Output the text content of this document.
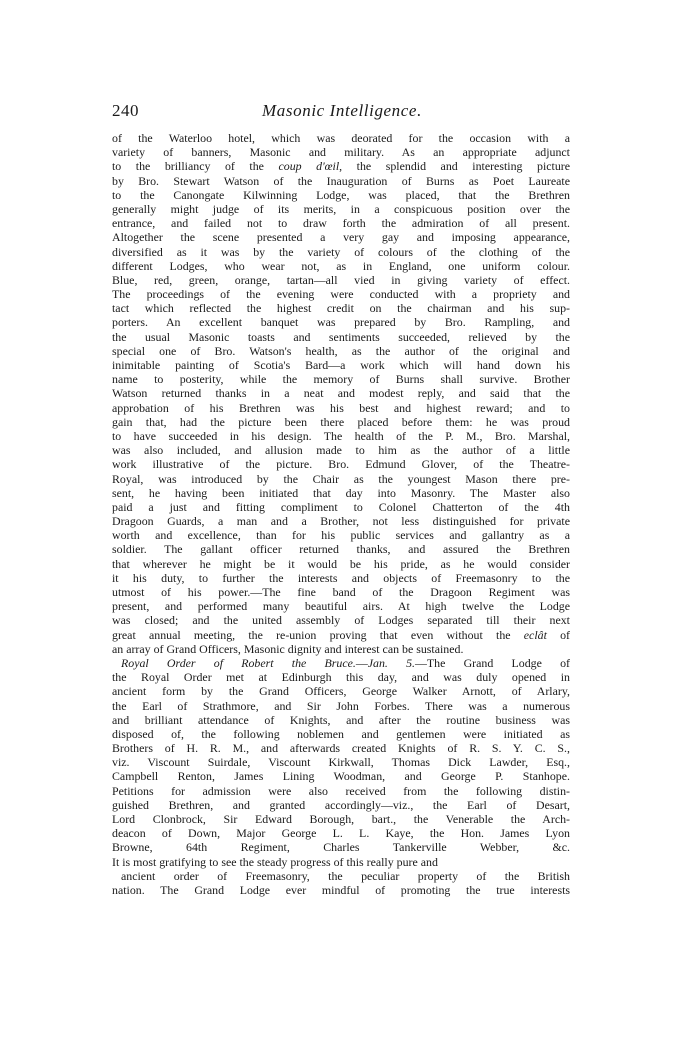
240	Masonic Intelligence.
of the Waterloo hotel, which was deorated for the occasion with a
variety of banners, Masonic and military. As an appropriate adjunct
to the brilliancy of the coup d'œil, the splendid and interesting picture
by Bro. Stewart Watson of the Inauguration of Burns as Poet Laureate
to the Canongate Kilwinning Lodge, was placed, that the Brethren
generally might judge of its merits, in a conspicuous position over the
entrance, and failed not to draw forth the admiration of all present.
Altogether the scene presented a very gay and imposing appearance,
diversified as it was by the variety of colours of the clothing of the
different Lodges, who wear not, as in England, one uniform colour.
Blue, red, green, orange, tartan—all vied in giving variety of effect.
The proceedings of the evening were conducted with a propriety and
tact which reflected the highest credit on the chairman and his sup-
porters. An excellent banquet was prepared by Bro. Rampling, and
the usual Masonic toasts and sentiments succeeded, relieved by the
special one of Bro. Watson's health, as the author of the original and
inimitable painting of Scotia's Bard—a work which will hand down his
name to posterity, while the memory of Burns shall survive. Brother
Watson returned thanks in a neat and modest reply, and said that the
approbation of his Brethren was his best and highest reward; and to
gain that, had the picture been there placed before them: he was proud
to have succeeded in his design. The health of the P. M., Bro. Marshal,
was also included, and allusion made to him as the author of a little
work illustrative of the picture. Bro. Edmund Glover, of the Theatre-
Royal, was introduced by the Chair as the youngest Mason there pre-
sent, he having been initiated that day into Masonry. The Master also
paid a just and fitting compliment to Colonel Chatterton of the 4th
Dragoon Guards, a man and a Brother, not less distinguished for private
worth and excellence, than for his public services and gallantry as a
soldier. The gallant officer returned thanks, and assured the Brethren
that wherever he might be it would be his pride, as he would consider
it his duty, to further the interests and objects of Freemasonry to the
utmost of his power.—The fine band of the Dragoon Regiment was
present, and performed many beautiful airs. At high twelve the Lodge
was closed; and the united assembly of Lodges separated till their next
great annual meeting, the re-union proving that even without the eclât of
an array of Grand Officers, Masonic dignity and interest can be sustained.
Royal Order of Robert the Bruce.—Jan. 5.—The Grand Lodge of
the Royal Order met at Edinburgh this day, and was duly opened in
ancient form by the Grand Officers, George Walker Arnott, of Arlary,
the Earl of Strathmore, and Sir John Forbes. There was a numerous
and brilliant attendance of Knights, and after the routine business was
disposed of, the following noblemen and gentlemen were initiated as
Brothers of H. R. M., and afterwards created Knights of R. S. Y. C. S.,
viz. Viscount Suirdale, Viscount Kirkwall, Thomas Dick Lawder, Esq.,
Campbell Renton, James Lining Woodman, and George P. Stanhope.
Petitions for admission were also received from the following distin-
guished Brethren, and granted accordingly—viz., the Earl of Desart,
Lord Clonbrock, Sir Edward Borough, bart., the Venerable the Arch-
deacon of Down, Major George L. L. Kaye, the Hon. James Lyon
Browne, 64th Regiment, Charles Tankerville Webber, &c.
It is most gratifying to see the steady progress of this really pure and
ancient order of Freemasonry, the peculiar property of the British
nation. The Grand Lodge ever mindful of promoting the true interests
